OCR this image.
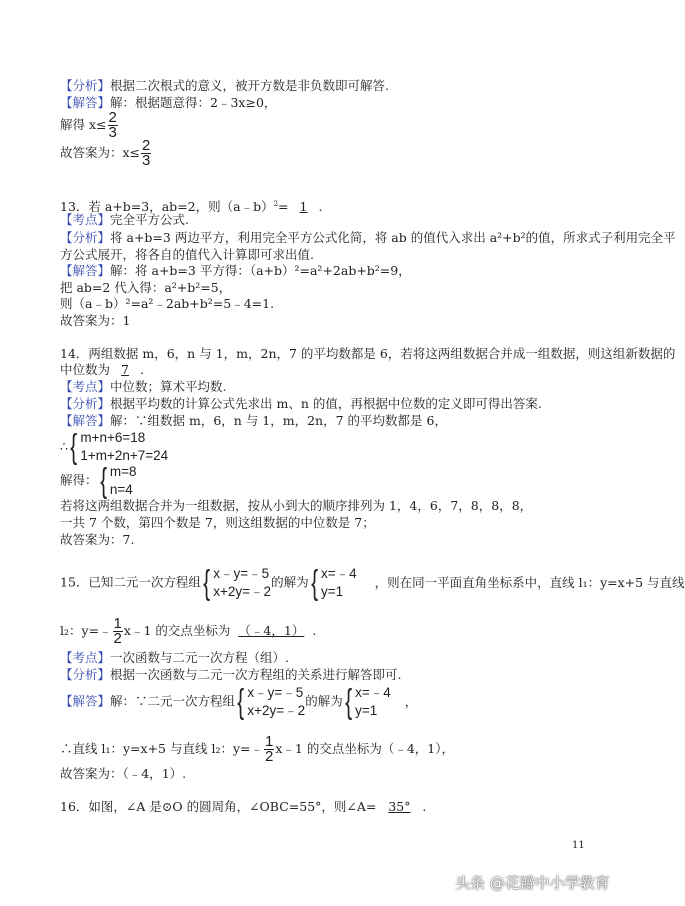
【分析】根据二次根式的意义，被开方数是非负数即可解答.
【解答】解：根据题意得：2﹣3x≥0，
解得 $x\le \frac{2}{3}$
故答案为：$x\le \frac{2}{3}$
13．若 a+b=3，ab=2，则（a﹣b）$^2$= 1 .
【考点】完全平方公式.
【分析】将 a+b=3 两边平方，利用完全平方公式化简，将 ab 的值代入求出 a²+b²的值，所求式子利用完全平
方公式展开，将各自的值代入计算即可求出值.
【解答】解：将 a+b=3 平方得：（a+b）²=a²+2ab+b²=9，
把 ab=2 代入得：a²+b²=5，
则（a﹣b）²=a²﹣2ab+b²=5﹣4=1.
故答案为：1
14．两组数据 m，6，n 与 1，m，2n，7 的平均数都是 6，若将这两组数据合并成一组数据，则这组新数据的
中位数为 7 .
【考点】中位数；算术平均数.
【分析】根据平均数的计算公式先求出 m、n 的值，再根据中位数的定义即可得出答案.
【解答】解：∵组数据 m，6，n 与 1，m，2n，7 的平均数都是 6，
∴ { m+n+6=18
1+m+2n+7=24
解得： { m=8
n=4
若将这两组数据合并为一组数据，按从小到大的顺序排列为 1，4，6，7，8，8，8，
一共 7 个数，第四个数是 7，则这组数据的中位数是 7；
故答案为：7.
15．已知二元一次方程组 { x﹣y=﹣5
x+2y=﹣2
的解为 { x=﹣4
y=1
，则在同一平面直角坐标系中，直线 l₁：y=x+5 与直线
l₂：y=﹣ $\frac{1}{2}$ x﹣1 的交点坐标为 （﹣4，1） .
【考点】一次函数与二元一次方程（组）.
【分析】根据一次函数与二元一次方程组的关系进行解答即可.
【解答】解：∵二元一次方程组 { x﹣y=﹣5
x+2y=﹣2
的解为 { x=﹣4
y=1
，
∴直线 l₁：y=x+5 与直线 l₂：y=﹣ $\frac{1}{2}$ x﹣1 的交点坐标为（﹣4，1），
故答案为：（﹣4，1）.
16．如图，∠A 是⊙O 的圆周角，∠OBC=55°，则∠A= 35° .
11
头条 @花瓣中小学教育
